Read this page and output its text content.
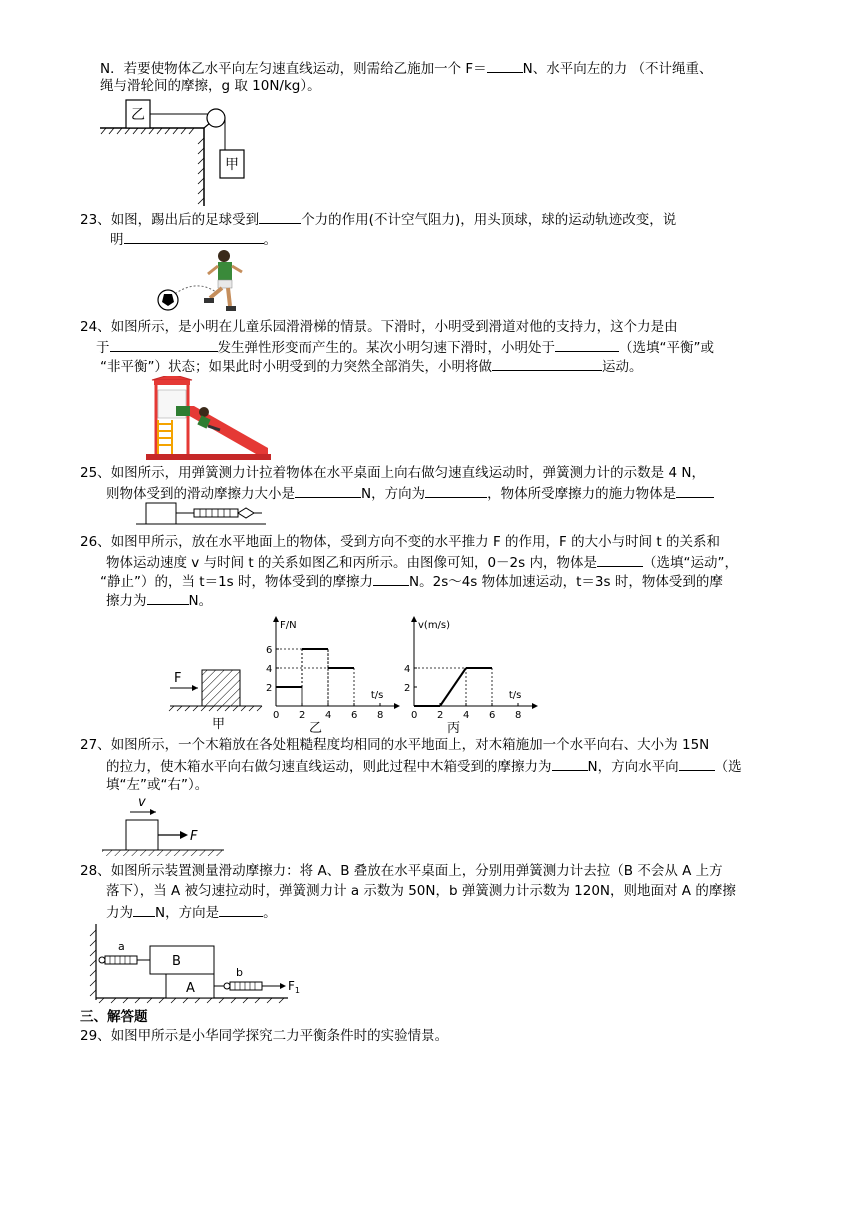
N．若要使物体乙水平向左匀速直线运动，则需给乙施加一个 F＝	N、水平向左的力 （不计绳重、
绳与滑轮间的摩擦，g 取 10N/kg）。
乙
甲
23、如图，踢出后的足球受到	个力的作用(不计空气阻力)，用头顶球，球的运动轨迹改变，说
明	。
24、如图所示，是小明在儿童乐园滑滑梯的情景。下滑时，小明受到滑道对他的支持力，这个力是由
于	发生弹性形变而产生的。某次小明匀速下滑时，小明处于	（选填“平衡”或
“非平衡”）状态；如果此时小明受到的力突然全部消失，小明将做	运动。
25、如图所示，用弹簧测力计拉着物体在水平桌面上向右做匀速直线运动时，弹簧测力计的示数是 4 N，
则物体受到的滑动摩擦力大小是	N，方向为	，物体所受摩擦力的施力物体是
26、如图甲所示，放在水平地面上的物体，受到方向不变的水平推力 F 的作用，F 的大小与时间 t 的关系和
物体运动速度 v 与时间 t 的关系如图乙和丙所示。由图像可知，0－2s 内，物体是	（选填“运动”，
“静止”）的，当 t＝1s 时，物体受到的摩擦力	N。2s～4s 物体加速运动，t＝3s 时，物体受到的摩
擦力为	N。
F
甲
F/N
t/s
0 2 4 6 8
2
4
6
乙
v(m/s)
t/s
0 2 4 6 8
2
4
丙
27、如图所示，一个木箱放在各处粗糙程度均相同的水平地面上，对木箱施加一个水平向右、大小为 15N
的拉力，使木箱水平向右做匀速直线运动，则此过程中木箱受到的摩擦力为	N，方向水平向	（选
填“左”或“右”）。
v
F
28、如图所示装置测量滑动摩擦力：将 A、B 叠放在水平桌面上，分别用弹簧测力计去拉（B 不会从 A 上方
落下），当 A 被匀速拉动时，弹簧测力计 a 示数为 50N，b 弹簧测力计示数为 120N，则地面对 A 的摩擦
力为 N，方向是	。
a
B
A
b
$F_1$
三、解答题
29、如图甲所示是小华同学探究二力平衡条件时的实验情景。
